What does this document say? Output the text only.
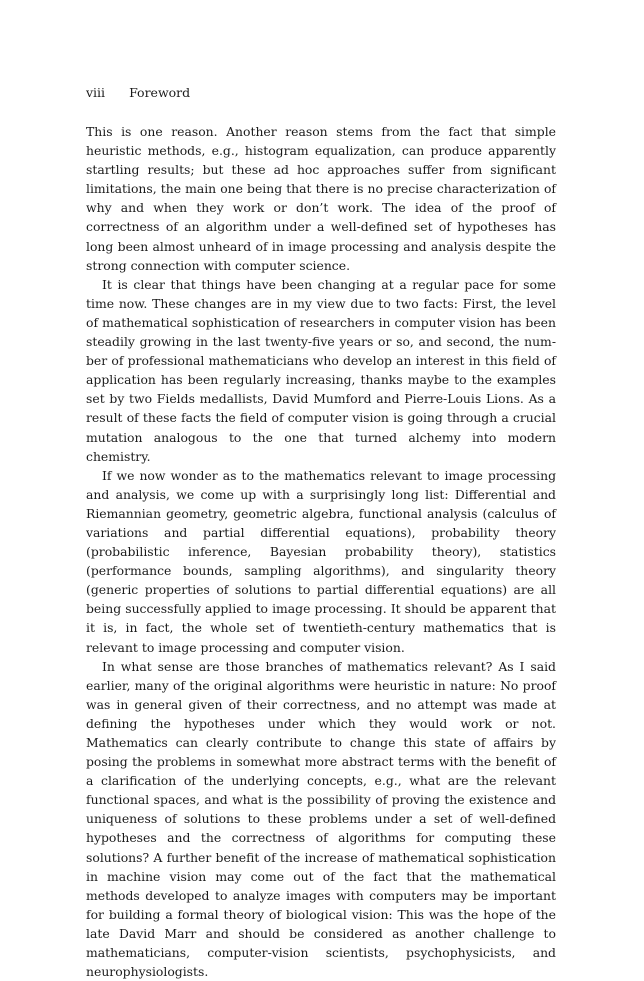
viii Foreword

This is one reason. Another reason stems from the fact that simple heuristic methods, e.g., histogram equalization, can produce apparently startling results; but these ad hoc approaches suffer from significant limitations, the main one being that there is no precise characterization of why and when they work or don’t work. The idea of the proof of correctness of an algorithm under a well-defined set of hypotheses has long been almost unheard of in image processing and analysis despite the strong connection with computer science.

It is clear that things have been changing at a regular pace for some time now. These changes are in my view due to two facts: First, the level of mathematical sophistication of researchers in computer vision has been steadily growing in the last twenty-five years or so, and second, the number of professional mathematicians who develop an interest in this field of application has been regularly increasing, thanks maybe to the examples set by two Fields medallists, David Mumford and Pierre-Louis Lions. As a result of these facts the field of computer vision is going through a crucial mutation analogous to the one that turned alchemy into modern chemistry.

If we now wonder as to the mathematics relevant to image processing and analysis, we come up with a surprisingly long list: Differential and Riemannian geometry, geometric algebra, functional analysis (calculus of variations and partial differential equations), probability theory (probabilistic inference, Bayesian probability theory), statistics (performance bounds, sampling algorithms), and singularity theory (generic properties of solutions to partial differential equations) are all being successfully applied to image processing. It should be apparent that it is, in fact, the whole set of twentieth-century mathematics that is relevant to image processing and computer vision.

In what sense are those branches of mathematics relevant? As I said earlier, many of the original algorithms were heuristic in nature: No proof was in general given of their correctness, and no attempt was made at defining the hypotheses under which they would work or not. Mathematics can clearly contribute to change this state of affairs by posing the problems in somewhat more abstract terms with the benefit of a clarification of the underlying concepts, e.g., what are the relevant functional spaces, and what is the possibility of proving the existence and uniqueness of solutions to these problems under a set of well-defined hypotheses and the correctness of algorithms for computing these solutions? A further benefit of the increase of mathematical sophistication in machine vision may come out of the fact that the mathematical methods developed to analyze images with computers may be important for building a formal theory of biological vision: This was the hope of the late David Marr and should be considered as another challenge to mathematicians, computer-vision scientists, psychophysicists, and neurophysiologists.
